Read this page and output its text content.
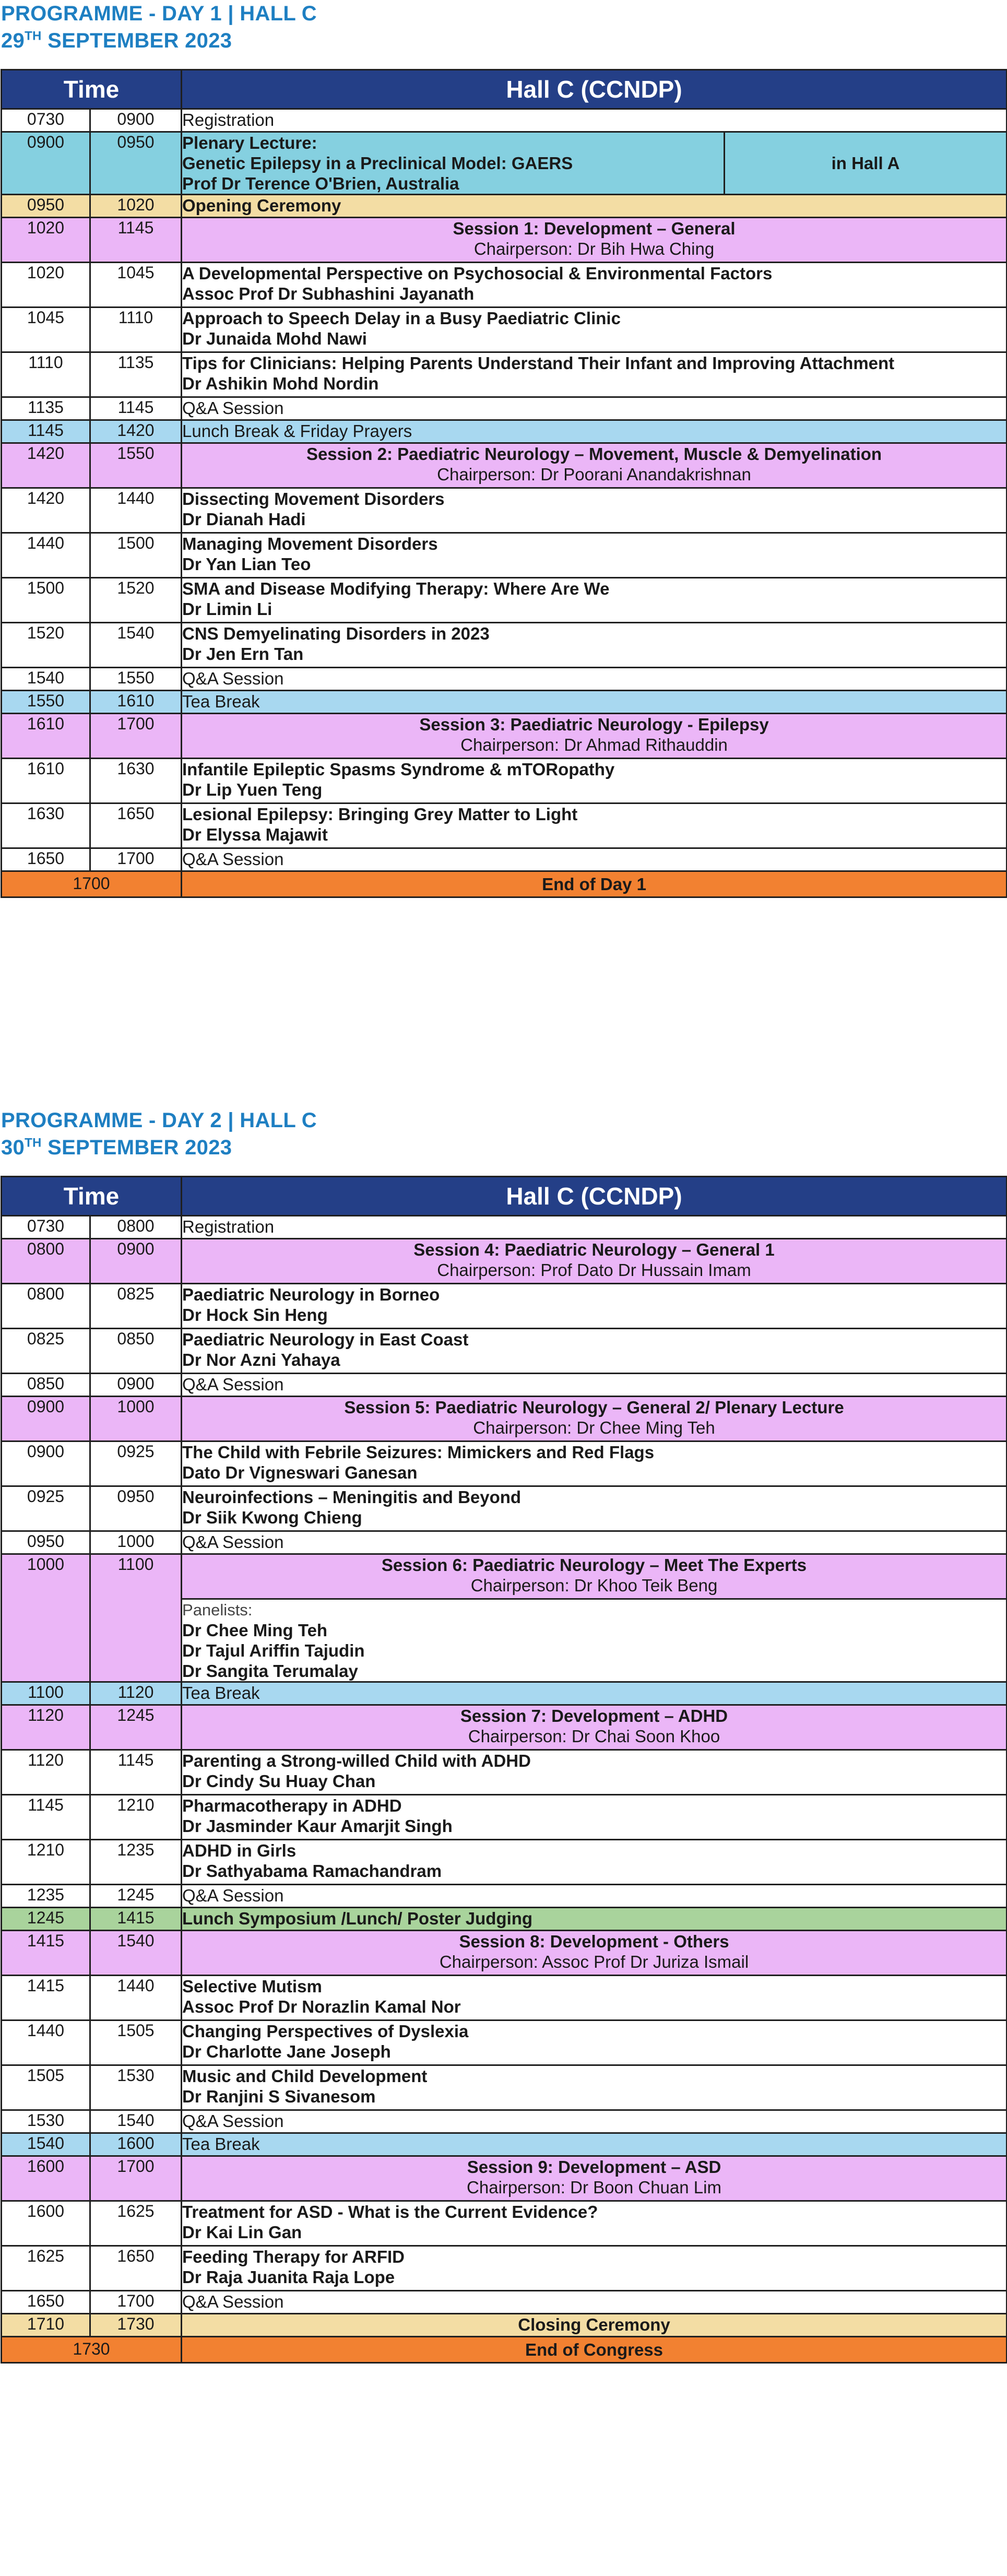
PROGRAMME - DAY 1 | HALL C
29TH SEPTEMBER 2023
Time		Hall C (CCNDP)	
0730	0900	Registration	

0900	0950	Plenary Lecture:
Genetic Epilepsy in a Preclinical Model: GAERS
Prof Dr Terence O'Brien, Australia	in Hall A
0950	1020	Opening Ceremony	

1020	1145	Session 1: Development – General
Chairperson: Dr Bih Hwa Ching	

1020	1045	A Developmental Perspective on Psychosocial & Environmental Factors
Assoc Prof Dr Subhashini Jayanath	

1045	1110	Approach to Speech Delay in a Busy Paediatric Clinic
Dr Junaida Mohd Nawi	

1110	1135	Tips for Clinicians: Helping Parents Understand Their Infant and Improving Attachment
Dr Ashikin Mohd Nordin	

1135	1145	Q&A Session	

1145	1420	Lunch Break & Friday Prayers	

1420	1550	Session 2: Paediatric Neurology – Movement, Muscle & Demyelination
Chairperson: Dr Poorani Anandakrishnan	

1420	1440	Dissecting Movement Disorders
Dr Dianah Hadi	

1440	1500	Managing Movement Disorders
Dr Yan Lian Teo	

1500	1520	SMA and Disease Modifying Therapy: Where Are We
Dr Limin Li	

1520	1540	CNS Demyelinating Disorders in 2023
Dr Jen Ern Tan	

1540	1550	Q&A Session	

1550	1610	Tea Break	

1610	1700	Session 3: Paediatric Neurology - Epilepsy
Chairperson: Dr Ahmad Rithauddin	

1610	1630	Infantile Epileptic Spasms Syndrome & mTORopathy
Dr Lip Yuen Teng	

1630	1650	Lesional Epilepsy: Bringing Grey Matter to Light
Dr Elyssa Majawit	

1650	1700	Q&A Session	

1700		End of Day 1	
PROGRAMME - DAY 2 | HALL C
30TH SEPTEMBER 2023
Time		Hall C (CCNDP)
0730	0800	Registration

0800	0900	Session 4: Paediatric Neurology – General 1
Chairperson: Prof Dato Dr Hussain Imam

0800	0825	Paediatric Neurology in Borneo
Dr Hock Sin Heng

0825	0850	Paediatric Neurology in East Coast
Dr Nor Azni Yahaya

0850	0900	Q&A Session

0900	1000	Session 5: Paediatric Neurology – General 2/ Plenary Lecture
Chairperson: Dr Chee Ming Teh

0900	0925	The Child with Febrile Seizures: Mimickers and Red Flags
Dato Dr Vigneswari Ganesan

0925	0950	Neuroinfections – Meningitis and Beyond
Dr Siik Kwong Chieng

0950	1000	Q&A Session

1000	1100	Session 6: Paediatric Neurology – Meet The Experts
Chairperson: Dr Khoo Teik Beng

		Panelists:
Dr Chee Ming Teh
Dr Tajul Ariffin Tajudin
Dr Sangita Terumalay

1100	1120	Tea Break

1120	1245	Session 7: Development – ADHD
Chairperson: Dr Chai Soon Khoo

1120	1145	Parenting a Strong-willed Child with ADHD
Dr Cindy Su Huay Chan

1145	1210	Pharmacotherapy in ADHD
Dr Jasminder Kaur Amarjit Singh

1210	1235	ADHD in Girls
Dr Sathyabama Ramachandram

1235	1245	Q&A Session

1245	1415	Lunch Symposium /Lunch/ Poster Judging

1415	1540	Session 8: Development - Others
Chairperson: Assoc Prof Dr Juriza Ismail

1415	1440	Selective Mutism
Assoc Prof Dr Norazlin Kamal Nor

1440	1505	Changing Perspectives of Dyslexia
Dr Charlotte Jane Joseph

1505	1530	Music and Child Development
Dr Ranjini S Sivanesom

1530	1540	Q&A Session

1540	1600	Tea Break

1600	1700	Session 9: Development – ASD
Chairperson: Dr Boon Chuan Lim

1600	1625	Treatment for ASD - What is the Current Evidence?
Dr Kai Lin Gan

1625	1650	Feeding Therapy for ARFID
Dr Raja Juanita Raja Lope

1650	1700	Q&A Session

1710	1730	Closing Ceremony

1730		End of Congress
